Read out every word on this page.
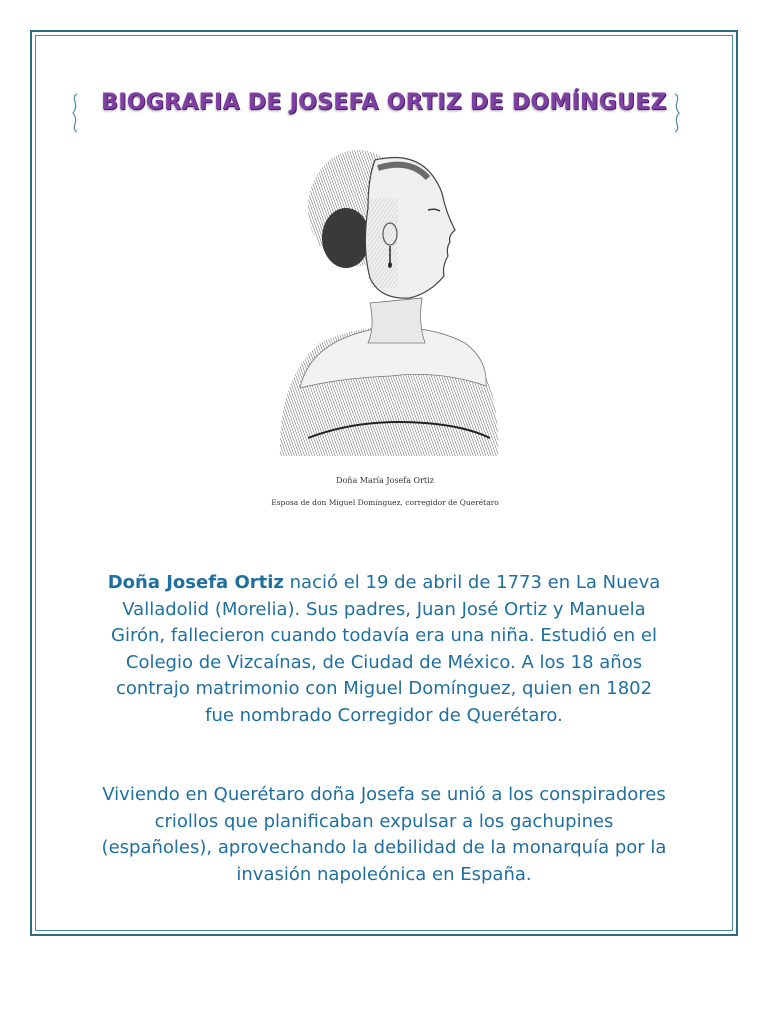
BIOGRAFIA DE JOSEFA ORTIZ DE DOMÍNGUEZ
Doña María Josefa Ortiz
Esposa de don Miguel Domínguez, corregidor de Querétaro

Doña Josefa Ortiz nació el 19 de abril de 1773 en La Nueva Valladolid (Morelia). Sus padres, Juan José Ortiz y Manuela Girón, fallecieron cuando todavía era una niña. Estudió en el Colegio de Vizcaínas, de Ciudad de México. A los 18 años contrajo matrimonio con Miguel Domínguez, quien en 1802 fue nombrado Corregidor de Querétaro.

Viviendo en Querétaro doña Josefa se unió a los conspiradores criollos que planificaban expulsar a los gachupines (españoles), aprovechando la debilidad de la monarquía por la invasión napoleónica en España.
